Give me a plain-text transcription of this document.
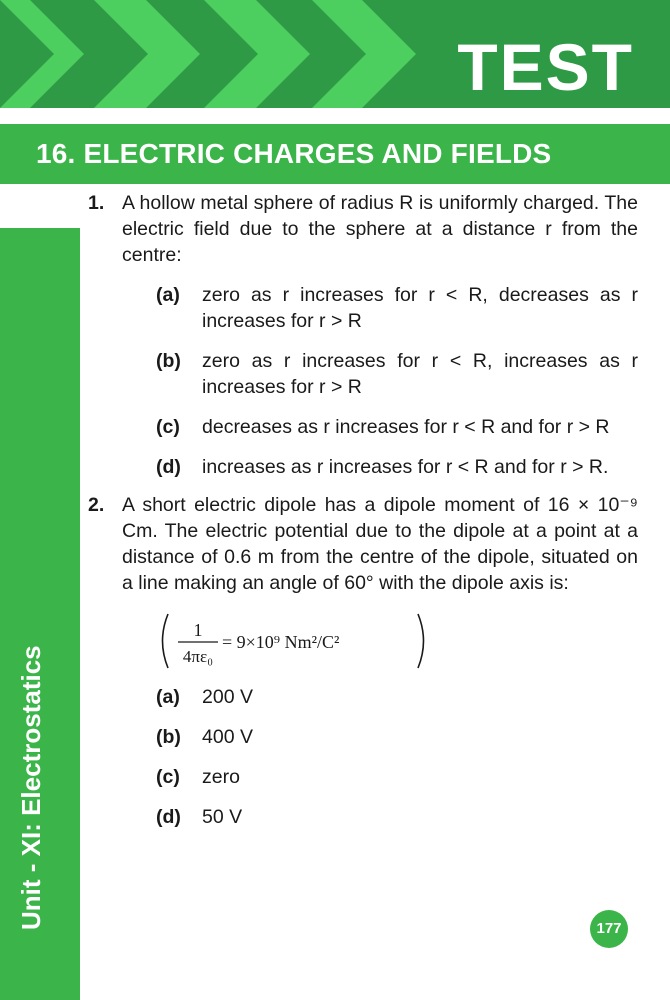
TEST
16. ELECTRIC CHARGES AND FIELDS
Unit - XI: Electrostatics
1. A hollow metal sphere of radius R is uniformly charged. The electric field due to the sphere at a distance r from the centre:
(a) zero as r increases for r < R, decreases as r increases for r > R
(b) zero as r increases for r < R, increases as r increases for r > R
(c) decreases as r increases for r < R and for r > R
(d) increases as r increases for r < R and for r > R.
2. A short electric dipole has a dipole moment of 16 × 10⁻⁹ Cm. The electric potential due to the dipole at a point at a distance of 0.6 m from the centre of the dipole, situated on a line making an angle of 60° with the dipole axis is:
1
4πε₀
= 9×10⁹ Nm²/C²
(a) 200 V
(b) 400 V
(c) zero
(d) 50 V
177
